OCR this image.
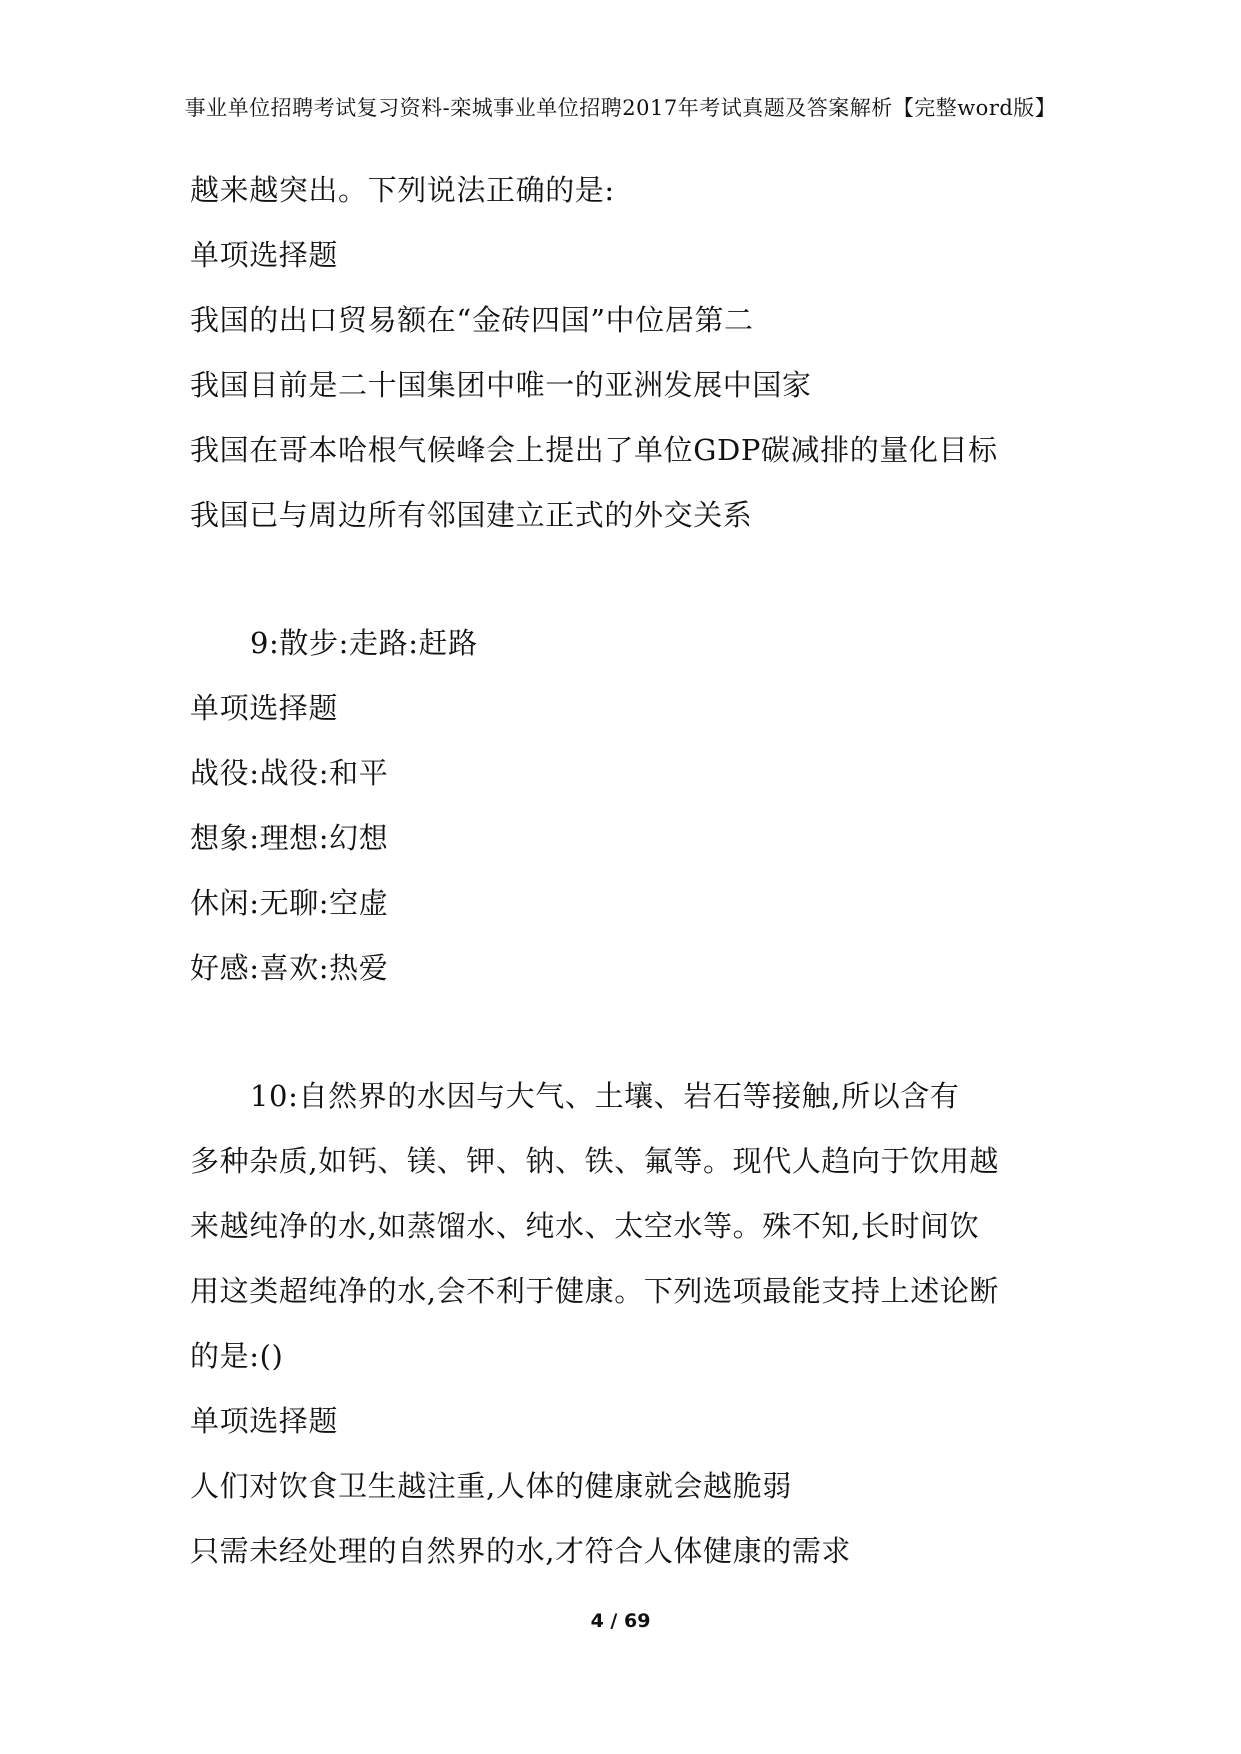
事业单位招聘考试复习资料-栾城事业单位招聘2017年考试真题及答案解析【完整word版】
越来越突出。下列说法正确的是:
单项选择题
我国的出口贸易额在“金砖四国”中位居第二
我国目前是二十国集团中唯一的亚洲发展中国家
我国在哥本哈根气候峰会上提出了单位GDP碳减排的量化目标
我国已与周边所有邻国建立正式的外交关系
9:散步:走路:赶路
单项选择题
战役:战役:和平
想象:理想:幻想
休闲:无聊:空虚
好感:喜欢:热爱
10:自然界的水因与大气、土壤、岩石等接触,所以含有
多种杂质,如钙、镁、钾、钠、铁、氟等。现代人趋向于饮用越
来越纯净的水,如蒸馏水、纯水、太空水等。殊不知,长时间饮
用这类超纯净的水,会不利于健康。下列选项最能支持上述论断
的是:()
单项选择题
人们对饮食卫生越注重,人体的健康就会越脆弱
只需未经处理的自然界的水,才符合人体健康的需求
4 / 69
